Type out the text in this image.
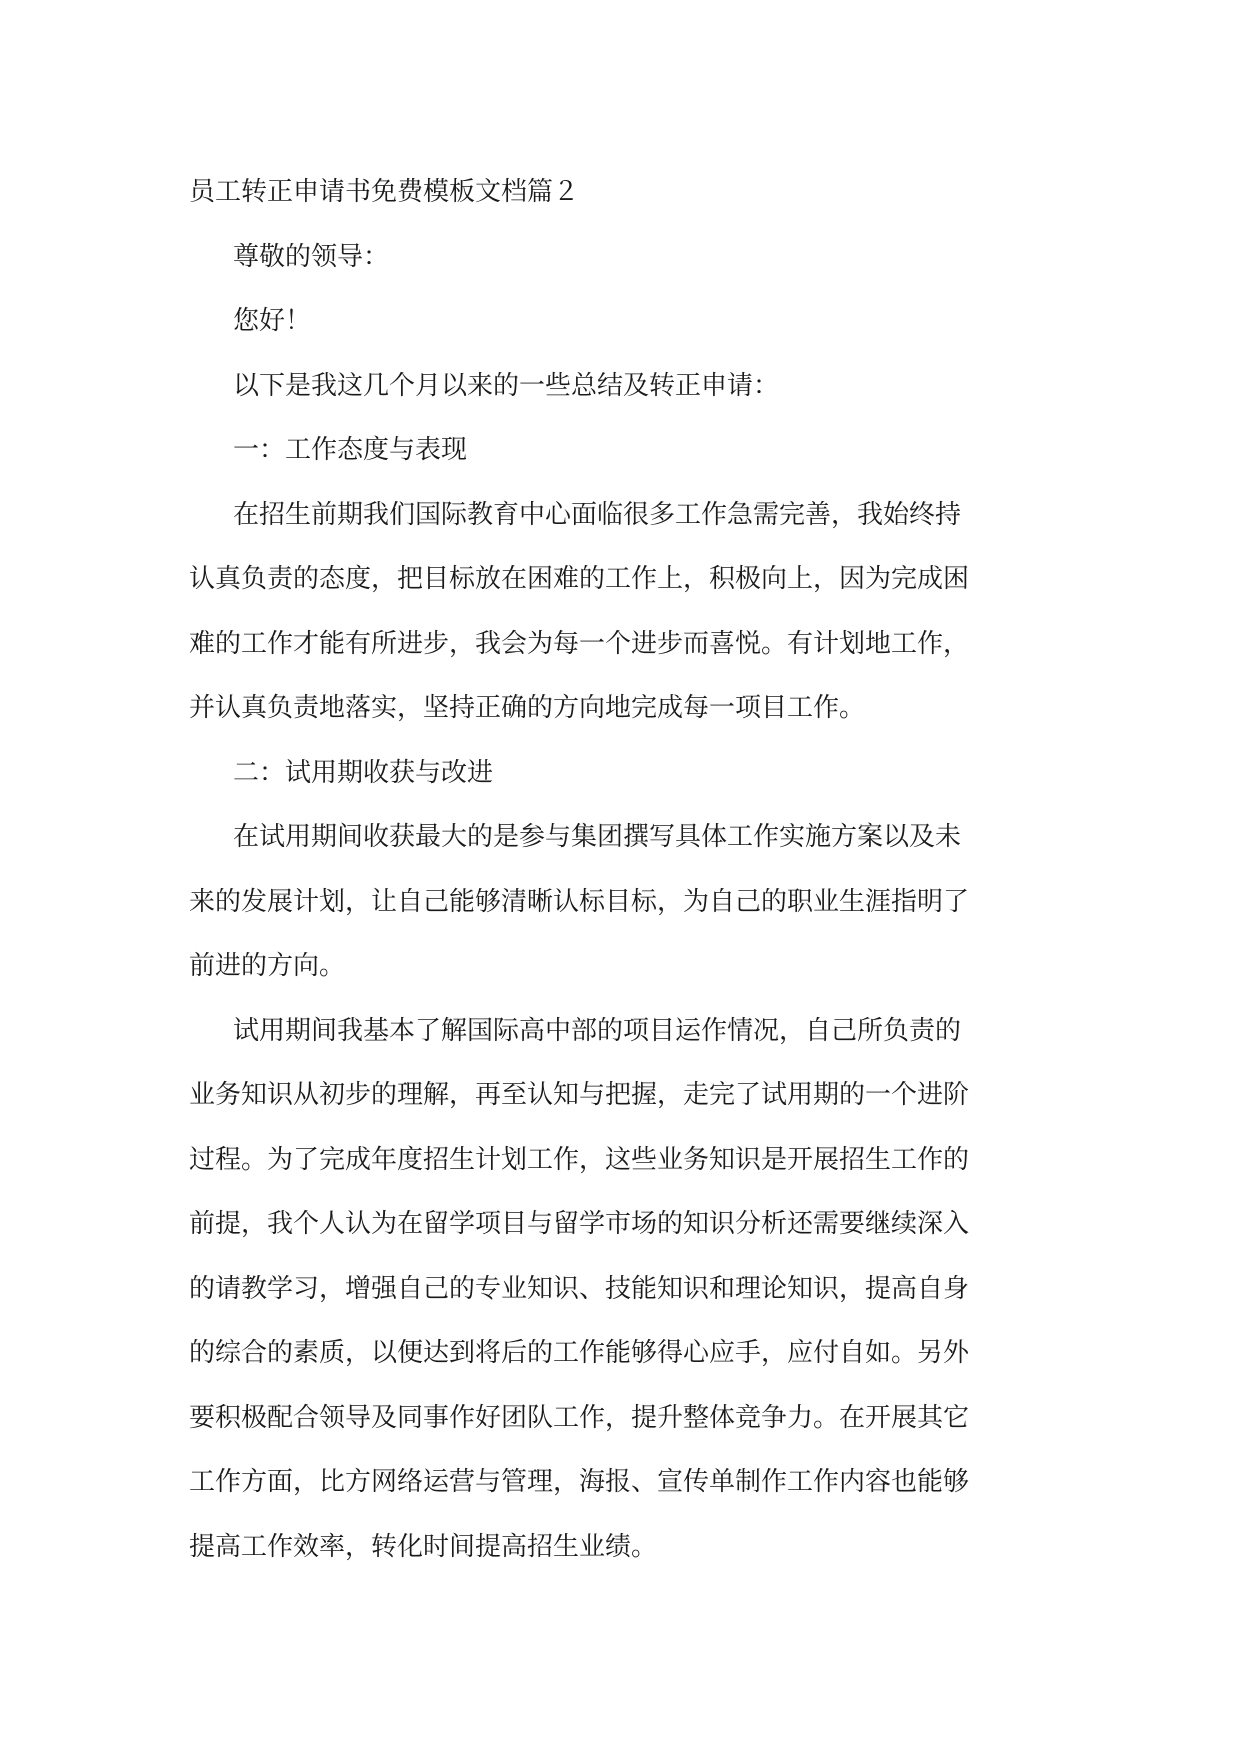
员工转正申请书免费模板文档篇２
尊敬的领导：
您好！
以下是我这几个月以来的一些总结及转正申请：
一：工作态度与表现
在招生前期我们国际教育中心面临很多工作急需完善，我始终持
认真负责的态度，把目标放在困难的工作上，积极向上，因为完成困
难的工作才能有所进步，我会为每一个进步而喜悦。有计划地工作，
并认真负责地落实，坚持正确的方向地完成每一项目工作。
二：试用期收获与改进
在试用期间收获最大的是参与集团撰写具体工作实施方案以及未
来的发展计划，让自己能够清晰认标目标，为自己的职业生涯指明了
前进的方向。
试用期间我基本了解国际高中部的项目运作情况，自己所负责的
业务知识从初步的理解，再至认知与把握，走完了试用期的一个进阶
过程。为了完成年度招生计划工作，这些业务知识是开展招生工作的
前提，我个人认为在留学项目与留学市场的知识分析还需要继续深入
的请教学习，增强自己的专业知识、技能知识和理论知识，提高自身
的综合的素质，以便达到将后的工作能够得心应手，应付自如。另外
要积极配合领导及同事作好团队工作，提升整体竞争力。在开展其它
工作方面，比方网络运营与管理，海报、宣传单制作工作内容也能够
提高工作效率，转化时间提高招生业绩。
